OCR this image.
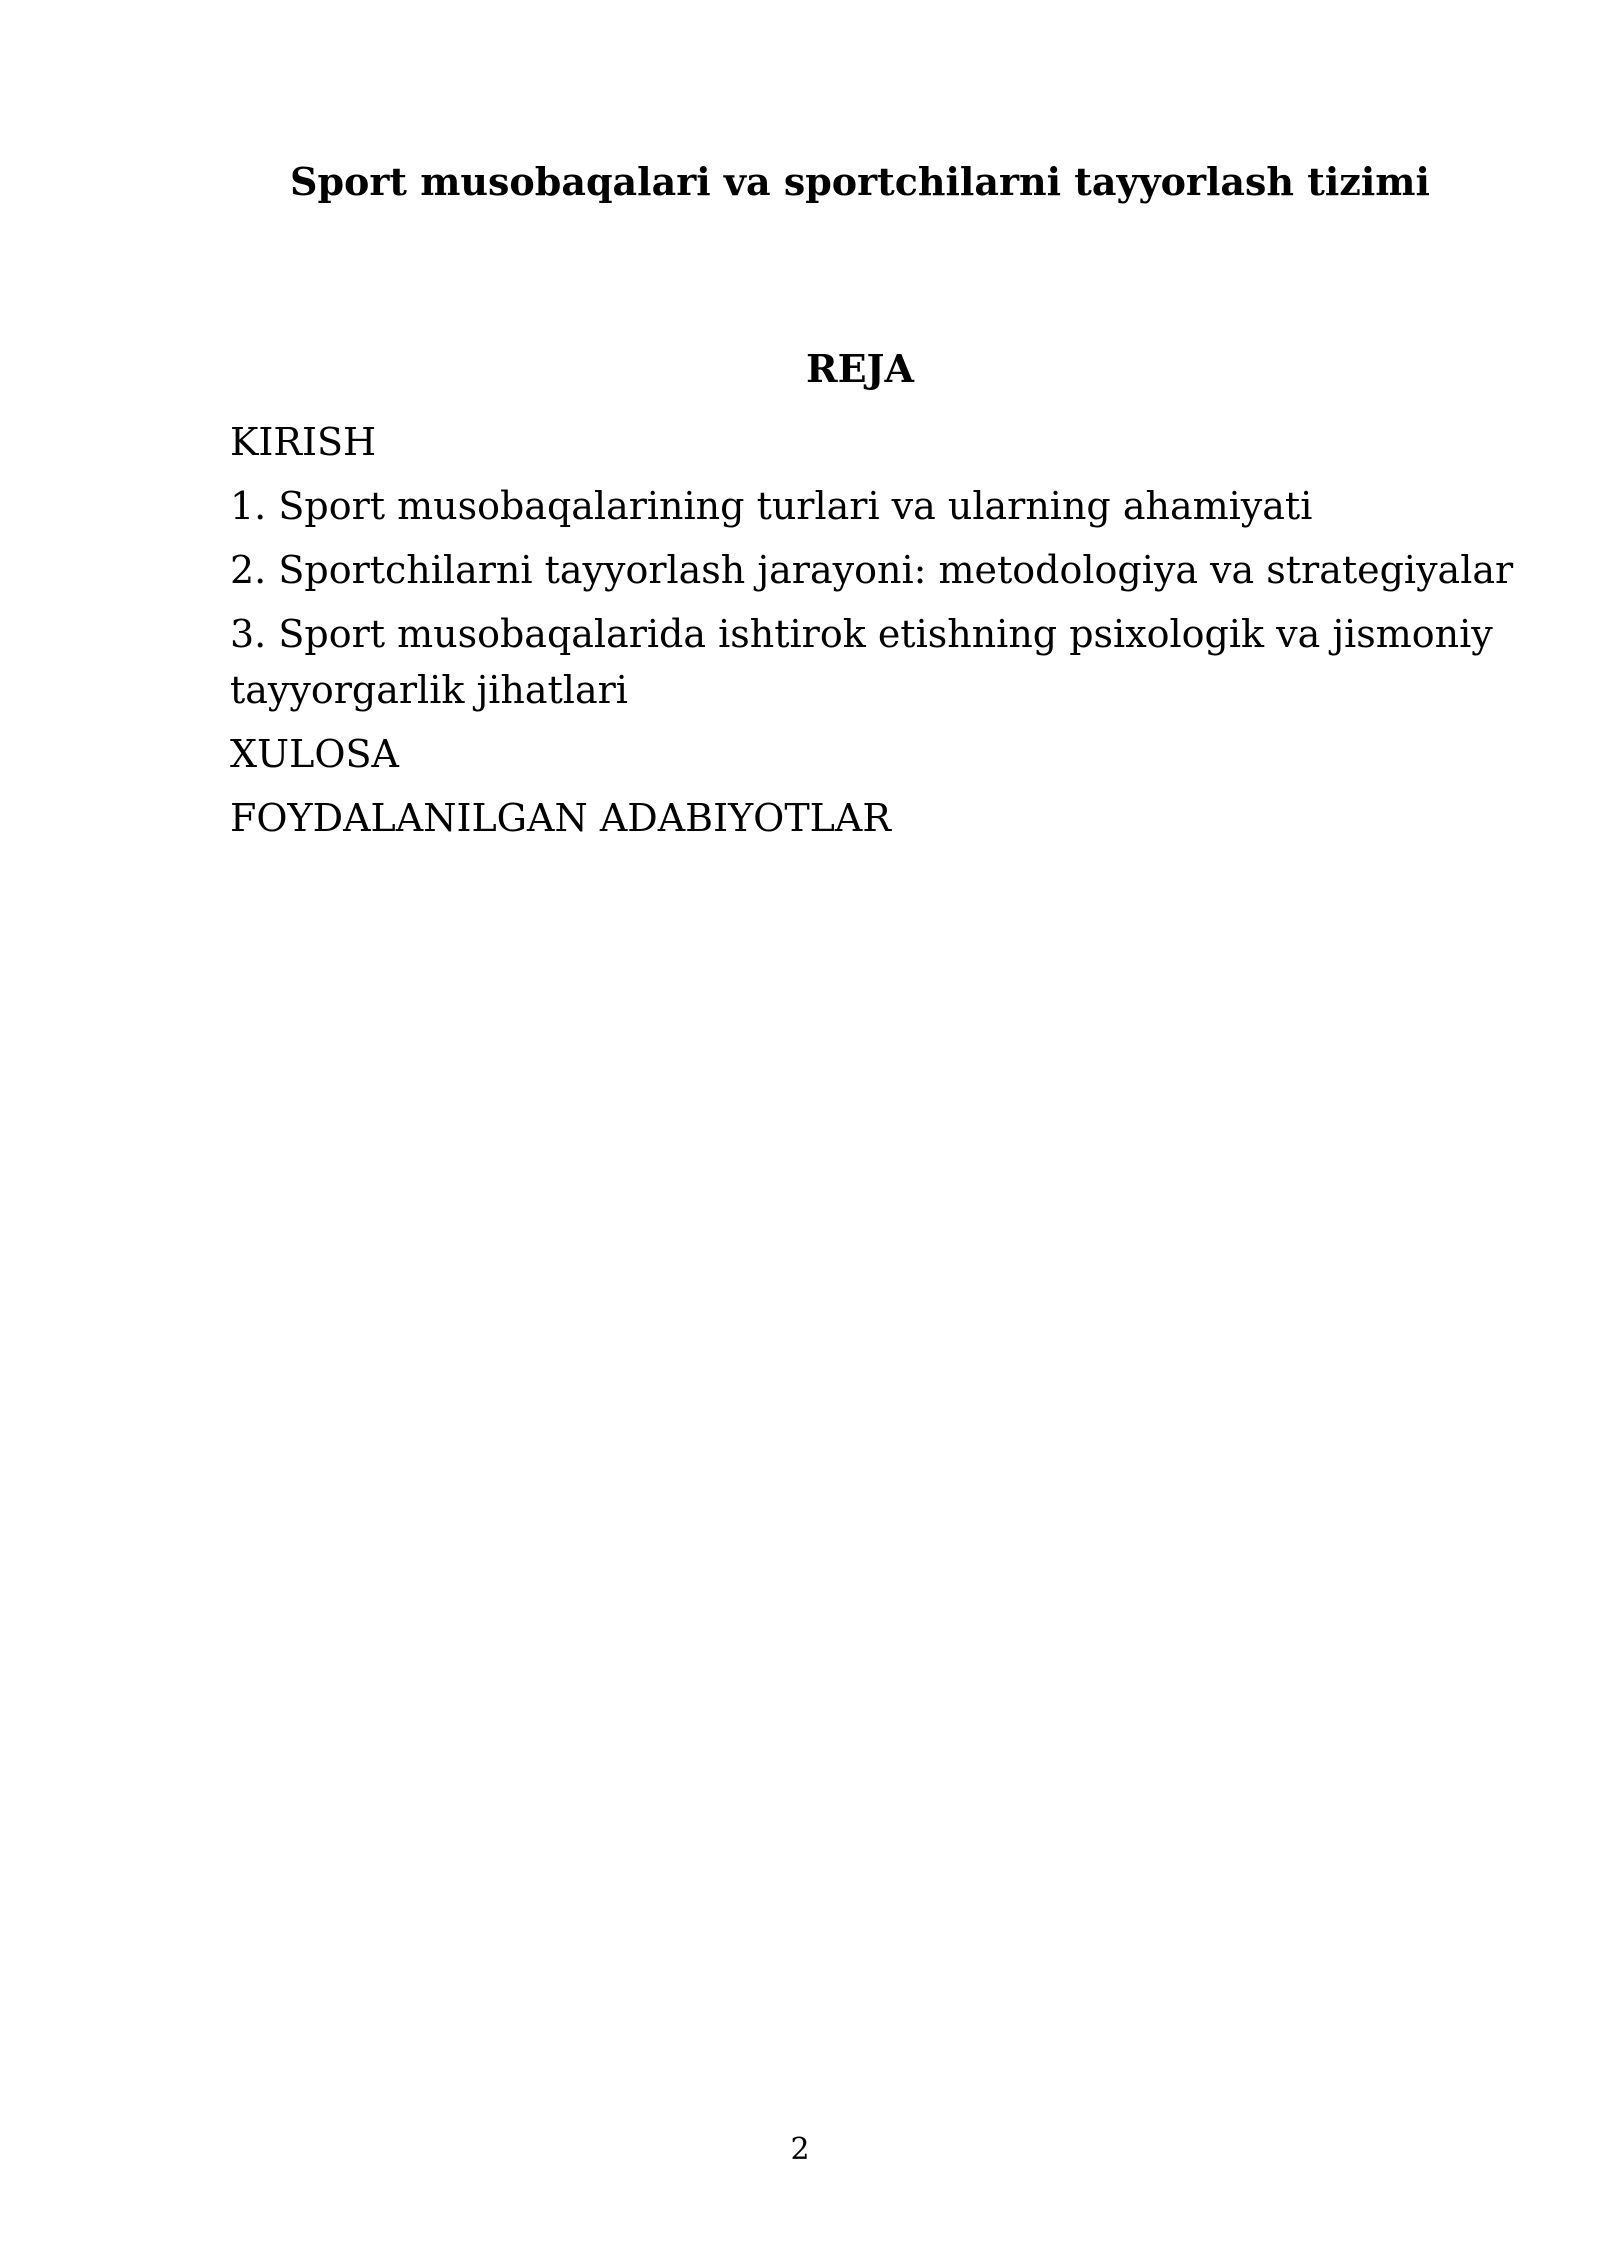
Sport musobaqalari va sportchilarni tayyorlash tizimi
REJA
KIRISH
1. Sport musobaqalarining turlari va ularning ahamiyati
2. Sportchilarni tayyorlash jarayoni: metodologiya va strategiyalar
3. Sport musobaqalarida ishtirok etishning psixologik va jismoniy tayyorgarlik jihatlari
XULOSA
FOYDALANILGAN ADABIYOTLAR
2
